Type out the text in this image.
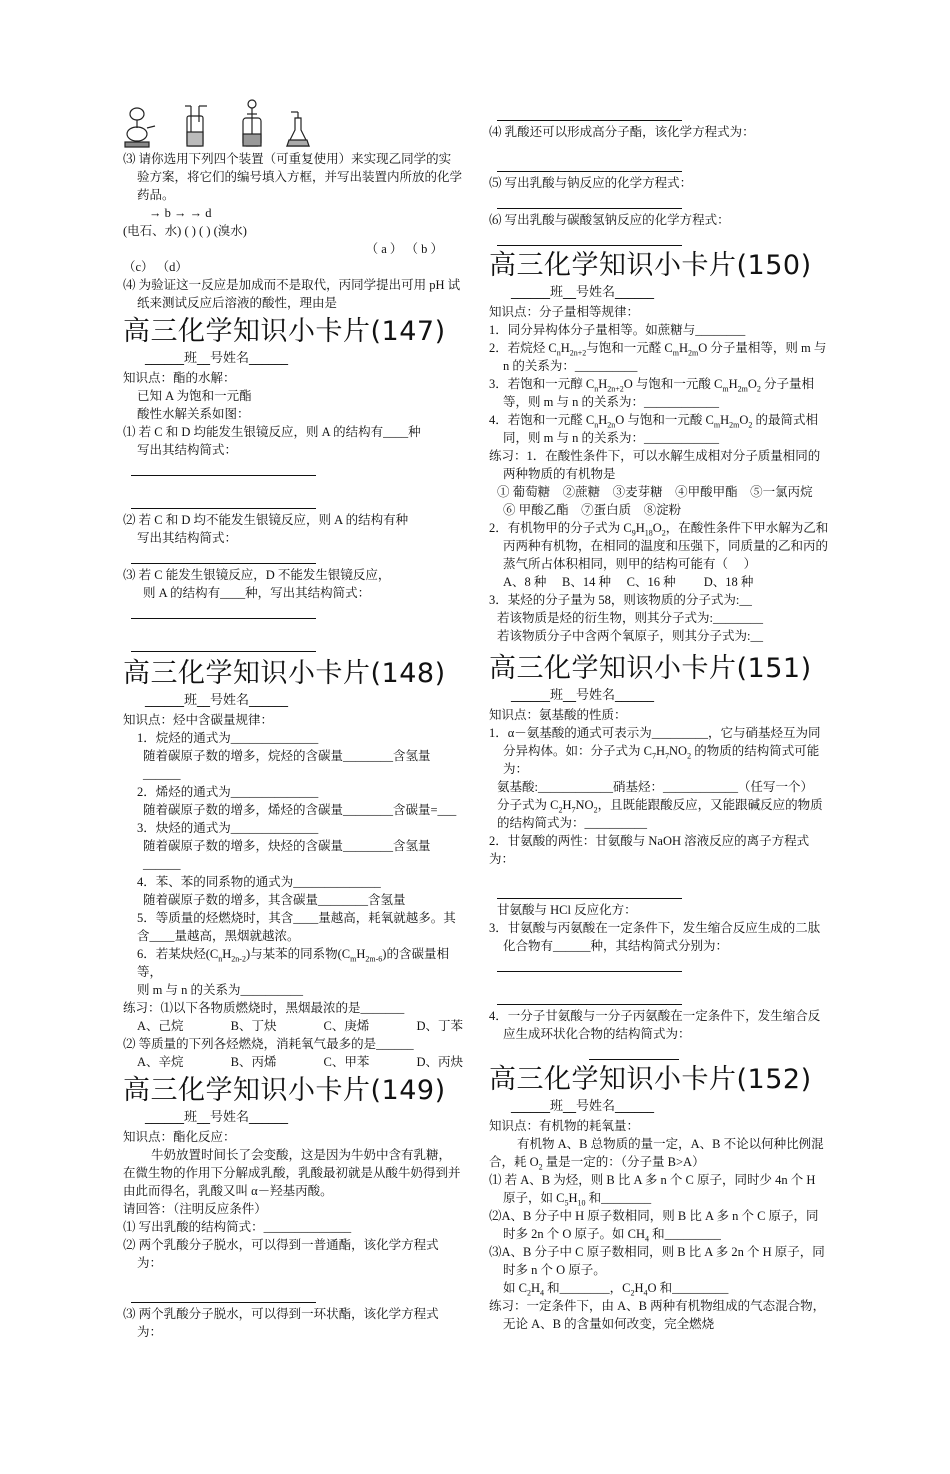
⑶ 请你选用下列四个装置（可重复使用）来实现乙同学的实验方案，将它们的编号填入方框，并写出装置内所放的化学药品。
→ b → → d
(电石、水) ( ) ( ) (溴水)
（ a ） （ b ）
（c） （d）
⑷ 为验证这一反应是加成而不是取代，丙同学提出可用 pH 试纸来测试反应后溶液的酸性，理由是
高三化学知识小卡片(147)
______班__号姓名______
知识点：酯的水解：
已知 A 为饱和一元酯
酸性水解关系如图：
⑴ 若 C 和 D 均能发生银镜反应，则 A 的结构有____种
写出其结构简式：
⑵ 若 C 和 D 均不能发生银镜反应，则 A 的结构有种
写出其结构简式：
⑶ 若 C 能发生银镜反应，D 不能发生银镜反应，
则 A 的结构有____种，写出其结构简式：
高三化学知识小卡片(148)
______班__号姓名______
知识点：烃中含碳量规律：
1．烷烃的通式为______________
随着碳原子数的增多，烷烃的含碳量________含氢量______
2．烯烃的通式为______________
随着碳原子数的增多，烯烃的含碳量________含碳量=___
3．炔烃的通式为______________
随着碳原子数的增多，炔烃的含碳量________含氢量______
4．苯、苯的同系物的通式为______________
随着碳原子数的增多，其含碳量________含氢量
5．等质量的烃燃烧时，其含____量越高，耗氧就越多。其含____量越高，黑烟就越浓。
6．若某炔烃$(C_nH_{2n-2})$与某苯的同系物$(C_mH_{2m-6})$的含碳量相等，
则 m 与 n 的关系为__________
练习：⑴以下各物质燃烧时，黑烟最浓的是_______
A、己烷	B、丁炔	C、庚烯	D、丁苯
⑵ 等质量的下列各烃燃烧，消耗氧气最多的是______
A、辛烷	B、丙烯	C、甲苯	D、丙炔
高三化学知识小卡片(149)
______班__号姓名______
知识点：酯化反应：
牛奶放置时间长了会变酸，这是因为牛奶中含有乳糖，在微生物的作用下分解成乳酸，乳酸最初就是从酸牛奶得到并由此而得名，乳酸又叫 α－羟基丙酸。
请回答：（注明反应条件）
⑴ 写出乳酸的结构简式：______________
⑵ 两个乳酸分子脱水，可以得到一普通酯，该化学方程式为：
⑶ 两个乳酸分子脱水，可以得到一环状酯，该化学方程式为：
⑷ 乳酸还可以形成高分子酯，该化学方程式为：
⑸ 写出乳酸与钠反应的化学方程式：
⑹ 写出乳酸与碳酸氢钠反应的化学方程式：
高三化学知识小卡片(150)
______班__号姓名______
知识点：分子量相等规律：
1．同分异构体分子量相等。如蔗糖与________
2．若烷烃 $C_nH_{2n+2}$与饱和一元醛 $C_mH_{2m}O$ 分子量相等，则 m 与 n 的关系为：__________
3．若饱和一元醇 $C_nH_{2n+2}O$ 与饱和一元酸 $C_mH_{2m}O_2$ 分子量相等，则 m 与 n 的关系为：____________
4．若饱和一元醛 $C_nH_{2n}O$ 与饱和一元酸 $C_mH_{2m}O_2$ 的最简式相同，则 m 与 n 的关系为：____________
练习：1．在酸性条件下，可以水解生成相对分子质量相同的两种物质的有机物是
① 葡萄糖　②蔗糖　③麦芽糖　④甲酸甲酯　⑤一氯丙烷
⑥ 甲酸乙酯　⑦蛋白质　⑧淀粉
2．有机物甲的分子式为 $C_9H_{18}O_2$，在酸性条件下甲水解为乙和丙两种有机物，在相同的温度和压强下，同质量的乙和丙的蒸气所占体积相同，则甲的结构可能有（　 ）
A、8 种　 B、14 种　 C、16 种　　 D、18 种
3．某烃的分子量为 58，则该物质的分子式为:__
若该物质是烃的衍生物，则其分子式为:________
若该物质分子中含两个氧原子，则其分子式为:__
高三化学知识小卡片(151)
______班__号姓名______
知识点：氨基酸的性质：
1．α－氨基酸的通式可表示为_________，它与硝基烃互为同分异构体。如：分子式为 $C_7H_7NO_2$ 的物质的结构简式可能为：
氨基酸:____________硝基烃：____________（任写一个）
分子式为 $C_2H_7NO_2$，且既能跟酸反应，又能跟碱反应的物质的结构简式为：__________
2．甘氨酸的两性：甘氨酸与 NaOH 溶液反应的离子方程式为：
甘氨酸与 HCl 反应化方：
3．甘氨酸与丙氨酸在一定条件下，发生缩合反应生成的二肽化合物有______种，其结构简式分别为：
4．一分子甘氨酸与一分子丙氨酸在一定条件下，发生缩合反应生成环状化合物的结构简式为：
高三化学知识小卡片(152)
______班__号姓名______
知识点：有机物的耗氧量：
有机物 A、B 总物质的量一定，A、B 不论以何种比例混合，耗 $O_2$ 量是一定的：（分子量 B>A）
⑴ 若 A、B 为烃，则 B 比 A 多 n 个 C 原子，同时少 4n 个 H 原子，如 $C_5H_{10}$ 和________
⑵A、B 分子中 H 原子数相同，则 B 比 A 多 n 个 C 原子，同时多 2n 个 O 原子。如 $CH_4$ 和_________
⑶A、B 分子中 C 原子数相同，则 B 比 A 多 2n 个 H 原子，同时多 n 个 O 原子。
如 $C_2H_4$ 和________，$C_2H_4O$ 和_________
练习：一定条件下，由 A、B 两种有机物组成的气态混合物，无论 A、B 的含量如何改变，完全燃烧
